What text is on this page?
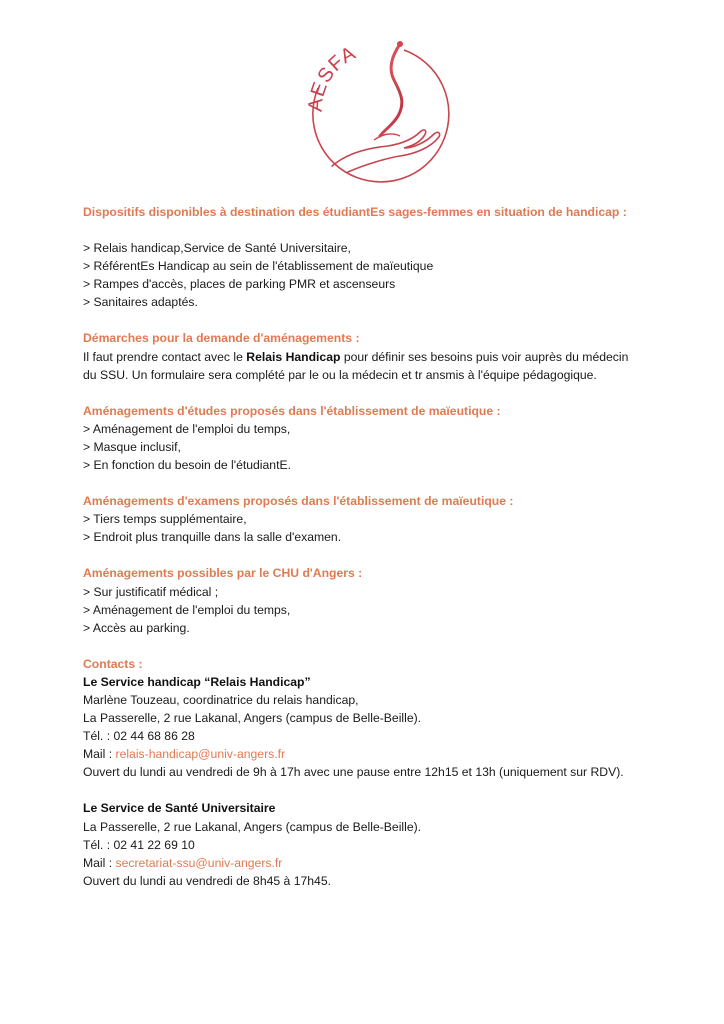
AESFA

Dispositifs disponibles à destination des étudiantEs sages-femmes en situation de handicap :

> Relais handicap,Service de Santé Universitaire,

> RéférentEs Handicap au sein de l'établissement de maïeutique

> Rampes d'accès, places de parking PMR et ascenseurs

> Sanitaires adaptés.

Démarches pour la demande d'aménagements :

Il faut prendre contact avec le Relais Handicap pour définir ses besoins puis voir auprès du médecin du SSU. Un formulaire sera complété par le ou la médecin et tr ansmis à l'équipe pédagogique.

Aménagements d'études proposés dans l'établissement de maïeutique :

> Aménagement de l'emploi du temps,

> Masque inclusif,

> En fonction du besoin de l'étudiantE.

Aménagements d'examens proposés dans l'établissement de maïeutique :

> Tiers temps supplémentaire,

> Endroit plus tranquille dans la salle d'examen.

Aménagements possibles par le CHU d'Angers :

> Sur justificatif médical ;

> Aménagement de l'emploi du temps,

> Accès au parking.

Contacts :

Le Service handicap “Relais Handicap”

Marlène Touzeau, coordinatrice du relais handicap,

La Passerelle, 2 rue Lakanal, Angers (campus de Belle-Beille).

Tél. : 02 44 68 86 28

Mail : relais-handicap@univ-angers.fr

Ouvert du lundi au vendredi de 9h à 17h avec une pause entre 12h15 et 13h (uniquement sur RDV).

Le Service de Santé Universitaire

La Passerelle, 2 rue Lakanal, Angers (campus de Belle-Beille).

Tél. : 02 41 22 69 10

Mail : secretariat-ssu@univ-angers.fr

Ouvert du lundi au vendredi de 8h45 à 17h45.
